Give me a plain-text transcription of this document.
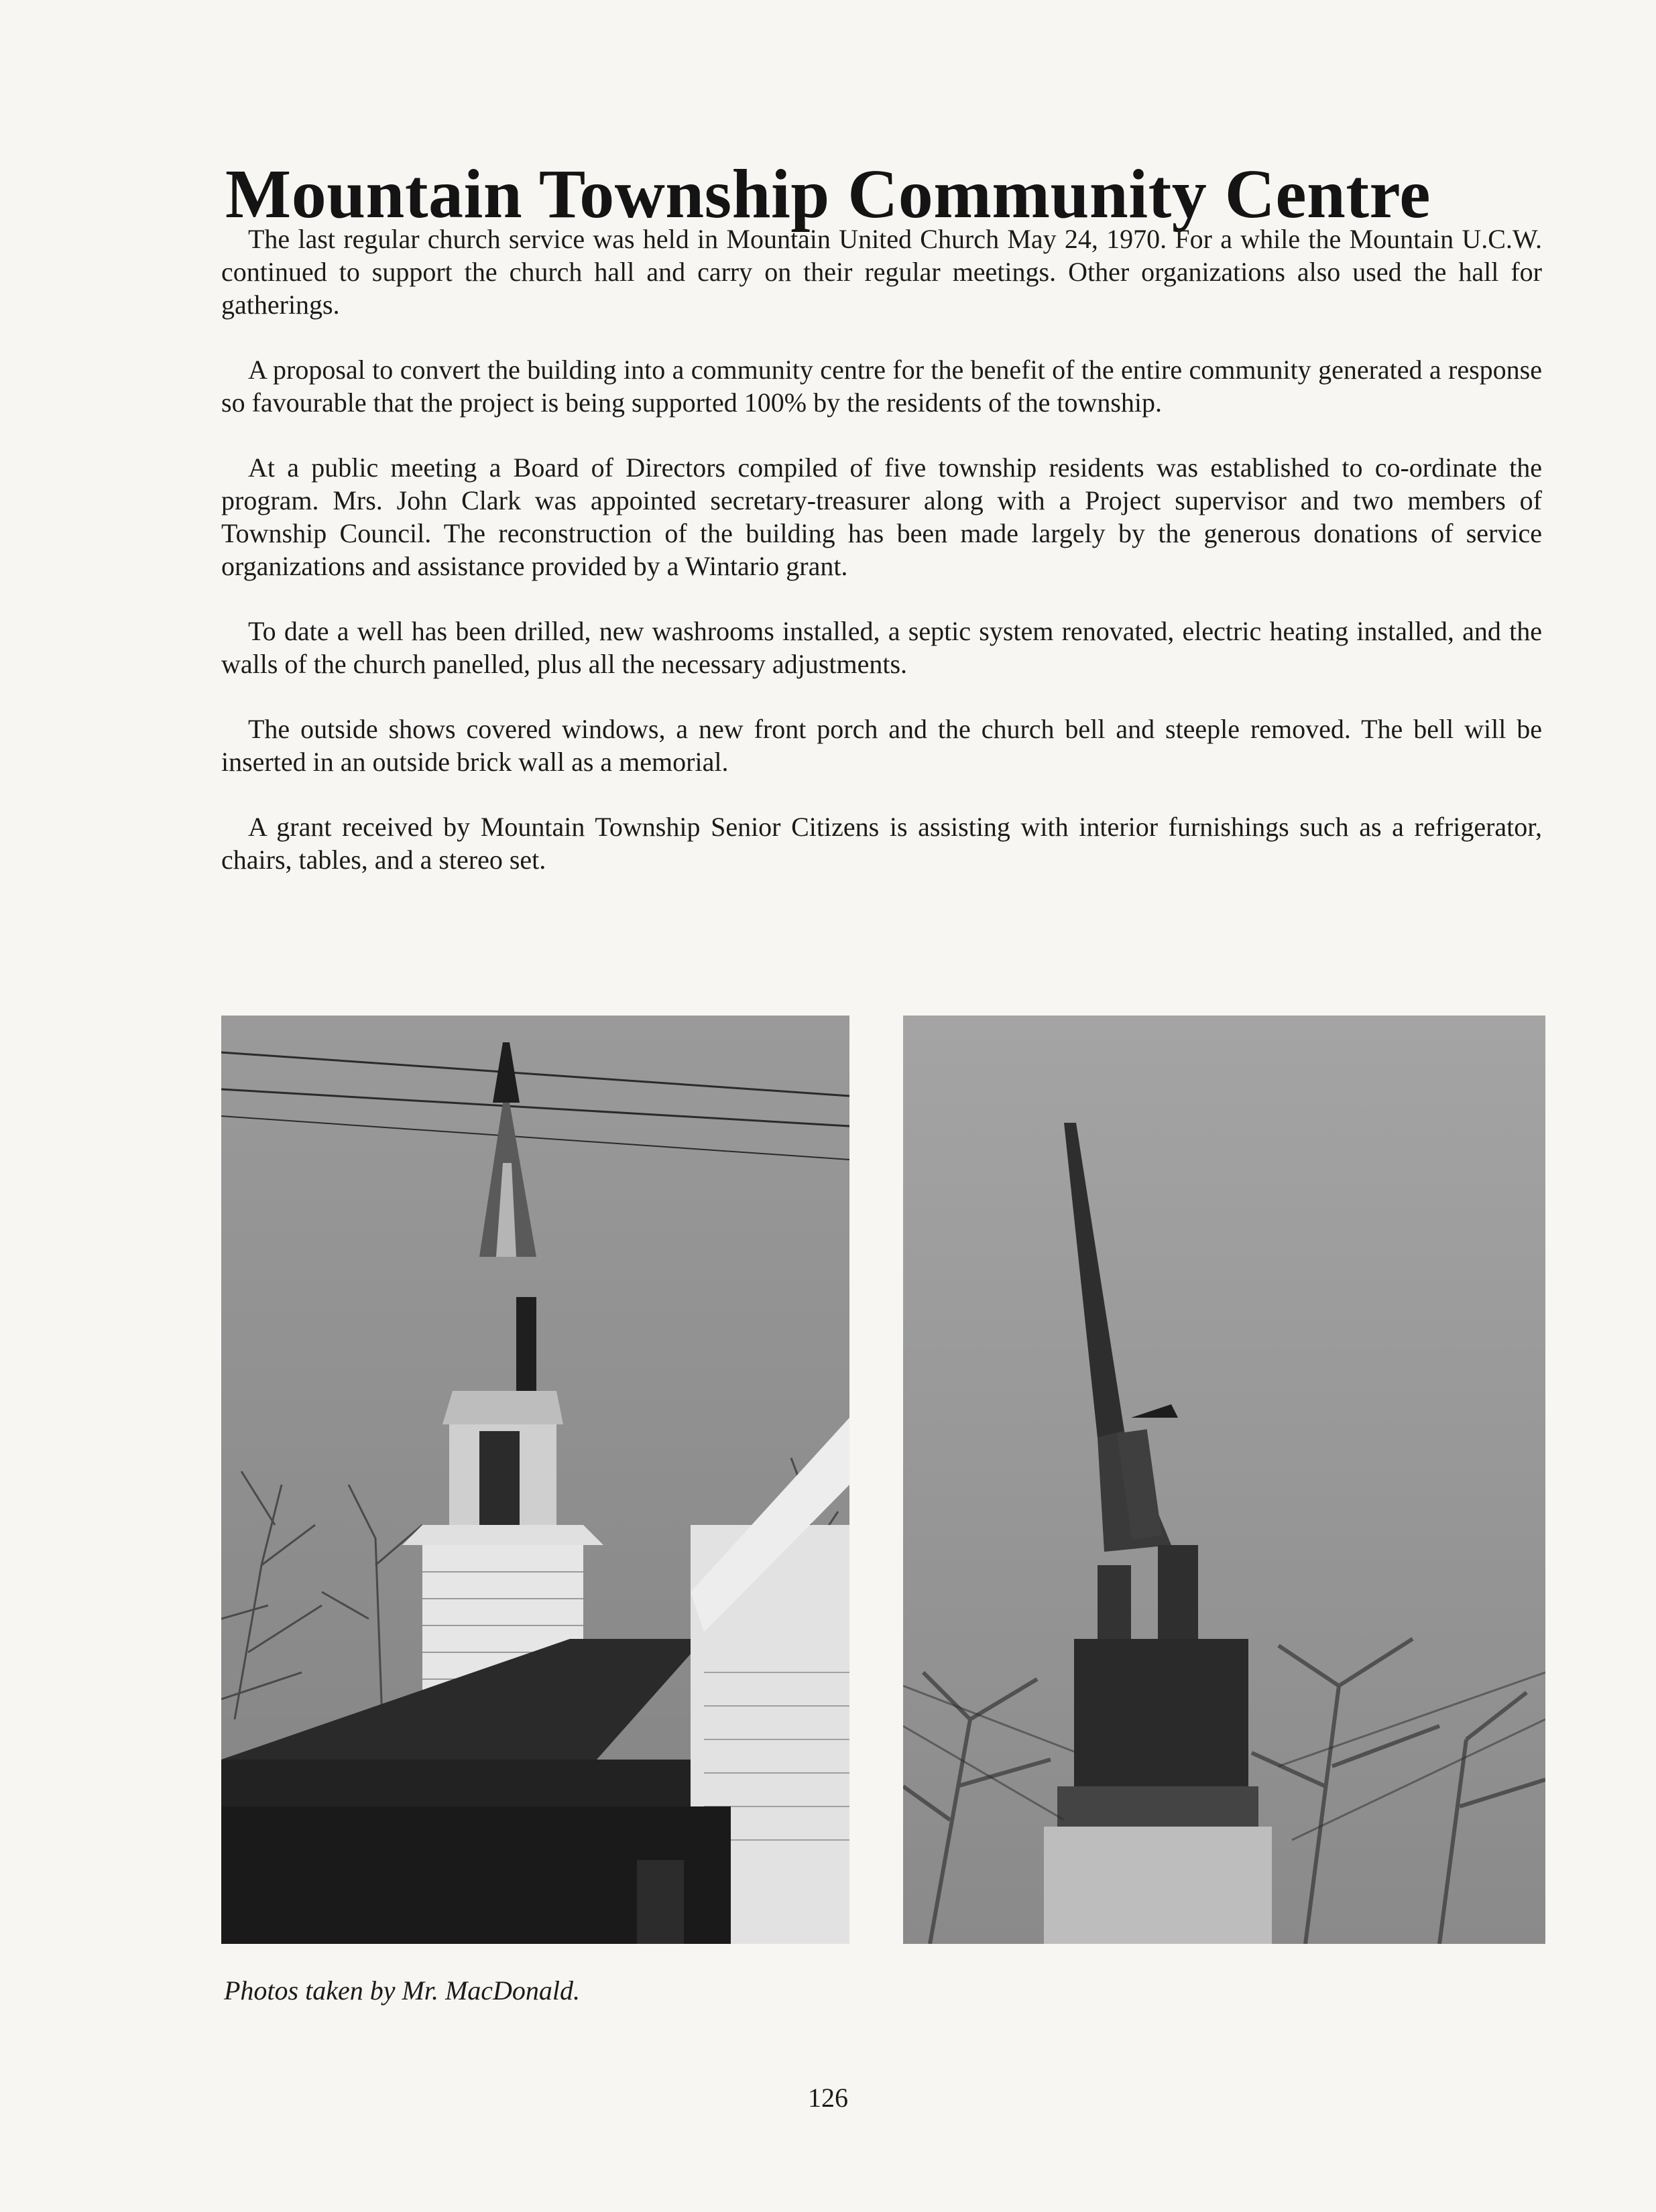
Mountain Township Community Centre

The last regular church service was held in Mountain United Church May 24, 1970. For a while the Mountain U.C.W. continued to support the church hall and carry on their regular meetings. Other organizations also used the hall for gatherings.

A proposal to convert the building into a community centre for the benefit of the entire community generated a response so favourable that the project is being supported 100% by the residents of the township.

At a public meeting a Board of Directors compiled of five township residents was established to co-ordinate the program. Mrs. John Clark was appointed secretary-treasurer along with a Project supervisor and two members of Township Council. The reconstruction of the building has been made largely by the generous donations of service organizations and assistance provided by a Wintario grant.

To date a well has been drilled, new washrooms installed, a septic system renovated, electric heating installed, and the walls of the church panelled, plus all the necessary adjustments.

The outside shows covered windows, a new front porch and the church bell and steeple removed. The bell will be inserted in an outside brick wall as a memorial.

A grant received by Mountain Township Senior Citizens is assisting with interior furnishings such as a refrigerator, chairs, tables, and a stereo set.

Photos taken by Mr. MacDonald.
126
